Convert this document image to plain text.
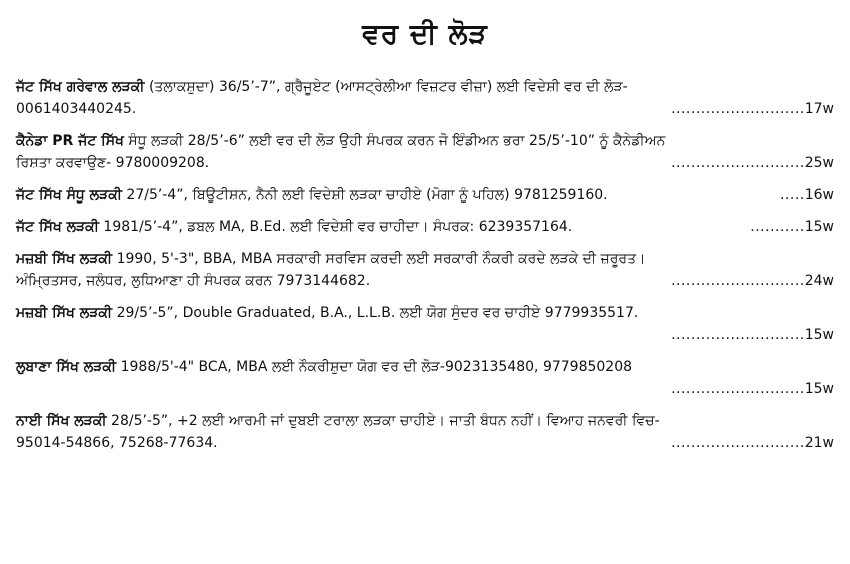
ਵਰ ਦੀ ਲੋੜ
ਜੱਟ ਸਿੱਖ ਗਰੇਵਾਲ ਲੜਕੀ (ਤਲਾਕਸ਼ੁਦਾ) 36/5’-7”, ਗ੍ਰੈਜੂਏਟ (ਆਸਟ੍ਰੇਲੀਆ ਵਿਜ਼ਟਰ ਵੀਜ਼ਾ) ਲਈ ਵਿਦੇਸ਼ੀ ਵਰ ਦੀ ਲੋੜ-
0061403440245.	........................... 17w
ਕੈਨੇਡਾ PR ਜੱਟ ਸਿੱਖ ਸੰਧੂ ਲੜਕੀ 28/5’-6” ਲਈ ਵਰ ਦੀ ਲੋੜ ਉਹੀ ਸੰਪਰਕ ਕਰਨ ਜੋ ਇੰਡੀਅਨ ਭਰਾ 25/5’-10” ਨੂੰ ਕੈਨੇਡੀਅਨ
ਰਿਸ਼ਤਾ ਕਰਵਾਉਣ- 9780009208.	........................... 25w
ਜੱਟ ਸਿੱਖ ਸੰਧੂ ਲੜਕੀ 27/5’-4”, ਬਿਊਟੀਸ਼ਨ, ਨੈਨੀ ਲਈ ਵਿਦੇਸ਼ੀ ਲੜਕਾ ਚਾਹੀਏ (ਮੋਗਾ ਨੂੰ ਪਹਿਲ) 9781259160.	..... 16w
ਜੱਟ ਸਿੱਖ ਲੜਕੀ 1981/5’-4”, ਡਬਲ MA, B.Ed. ਲਈ ਵਿਦੇਸ਼ੀ ਵਰ ਚਾਹੀਦਾ। ਸੰਪਰਕ: 6239357164.	........... 15w
ਮਜ਼ਬੀ ਸਿੱਖ ਲੜਕੀ 1990, 5'-3", BBA, MBA ਸਰਕਾਰੀ ਸਰਵਿਸ ਕਰਦੀ ਲਈ ਸਰਕਾਰੀ ਨੌਕਰੀ ਕਰਦੇ ਲੜਕੇ ਦੀ ਜ਼ਰੂਰਤ।
ਅੰਮ੍ਰਿਤਸਰ, ਜਲੰਧਰ, ਲੁਧਿਆਣਾ ਹੀ ਸੰਪਰਕ ਕਰਨ 7973144682.	........................... 24w
ਮਜ਼ਬੀ ਸਿੱਖ ਲੜਕੀ 29/5’-5”, Double Graduated, B.A., L.L.B. ਲਈ ਯੋਗ ਸੁੰਦਰ ਵਰ ਚਾਹੀਏ 9779935517.
........................... 15w
ਲੁਬਾਣਾ ਸਿੱਖ ਲੜਕੀ 1988/5'-4" BCA, MBA ਲਈ ਨੌਕਰੀਸ਼ੁਦਾ ਯੋਗ ਵਰ ਦੀ ਲੋੜ-9023135480, 9779850208
........................... 15w
ਨਾਈ ਸਿੱਖ ਲੜਕੀ 28/5’-5”, +2 ਲਈ ਆਰਮੀ ਜਾਂ ਦੁਬਈ ਟਰਾਲਾ ਲੜਕਾ ਚਾਹੀਏ। ਜਾਤੀ ਬੰਧਨ ਨਹੀਂ। ਵਿਆਹ ਜਨਵਰੀ ਵਿਚ-
95014-54866, 75268-77634.	........................... 21w
